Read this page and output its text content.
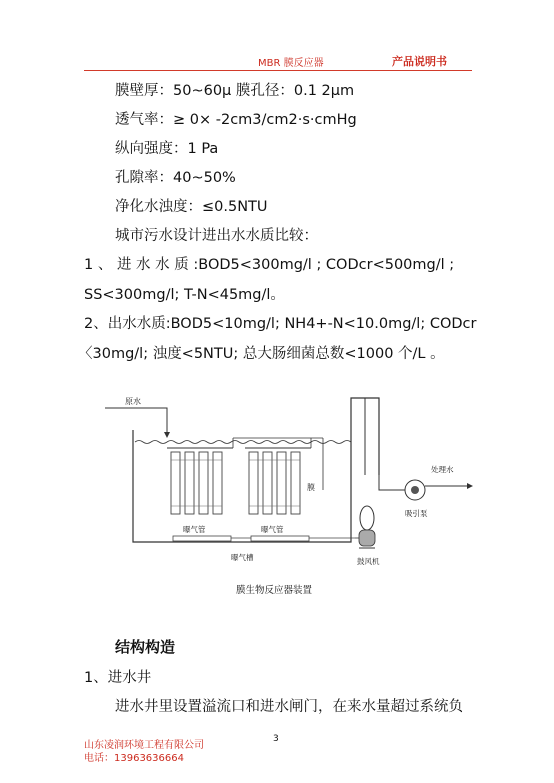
MBR 膜反应器	产品说明书
膜壁厚：50~60μ 膜孔径：0.1 2μm
透气率：≥ 0× -2cm3/cm2·s·cmHg
纵向强度：1 Pa
孔隙率：40~50%
净化水浊度：≤0.5NTU
城市污水设计进出水水质比较：
1 、 进 水 水 质 :BOD5<300mg/l ; CODcr<500mg/l ;
SS<300mg/l; T-N<45mg/l。
2、出水水质:BOD5<10mg/l; NH4+-N<10.0mg/l; CODcr
〈30mg/l; 浊度<5NTU; 总大肠细菌总数<1000 个/L 。
原水
膜
曝气管	曝气管
曝气槽
处理水
吸引泵
鼓风机
膜生物反应器装置
结构构造
1、进水井
进水井里设置溢流口和进水闸门，在来水量超过系统负
山东凌润环境工程有限公司
电话：13963636664
3
